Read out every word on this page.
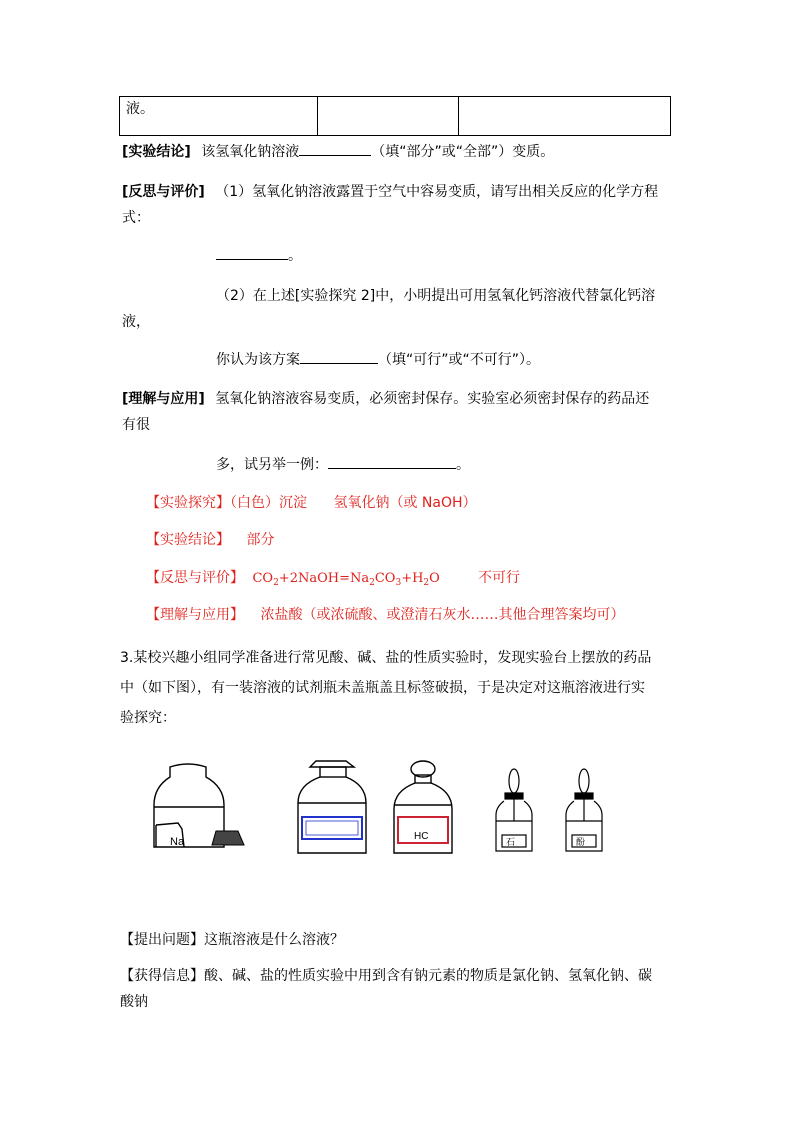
液。		
[实验结论] 该氢氧化钠溶液	（填“部分”或“全部”）变质。
[反思与评价] （1）氢氧化钠溶液露置于空气中容易变质，请写出相关反应的化学方程
式：
。
（2）在上述[实验探究 2]中，小明提出可用氢氧化钙溶液代替氯化钙溶
液，
你认为该方案	（填“可行”或“不可行”）。
[理解与应用] 氢氧化钠溶液容易变质，必须密封保存。实验室必须密封保存的药品还
有很
多，试另举一例：	。
【实验探究】（白色）沉淀 氢氧化钠（或 NaOH）
【实验结论】 部分
【反思与评价】 $CO_2+2NaOH=Na_2CO_3+H_2O$	不可行
【理解与应用】 浓盐酸（或浓硫酸、或澄清石灰水……其他合理答案均可）
3.某校兴趣小组同学准备进行常见酸、碱、盐的性质实验时，发现实验台上摆放的药品
中（如下图），有一装溶液的试剂瓶未盖瓶盖且标签破损，于是决定对这瓶溶液进行实
验探究：
Na	HC	石	酚
【提出问题】这瓶溶液是什么溶液？
【获得信息】酸、碱、盐的性质实验中用到含有钠元素的物质是氯化钠、氢氧化钠、碳
酸钠
